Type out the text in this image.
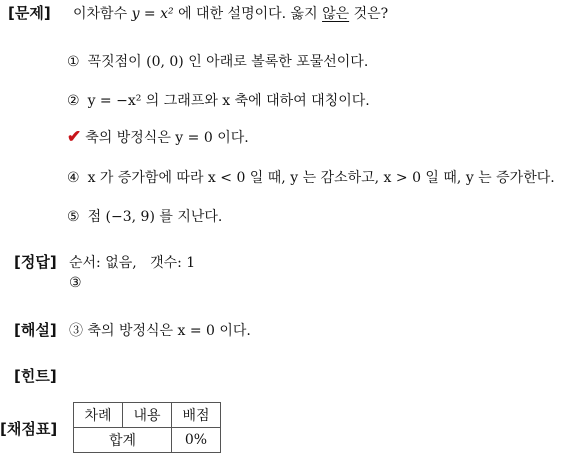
[문제] 이차함수 y = x² 에 대한 설명이다. 옳지 않은 것은?
① 꼭짓점이 (0, 0) 인 아래로 볼록한 포물선이다.
② y = −x² 의 그래프와 x 축에 대하여 대칭이다.
✔ 축의 방정식은 y = 0 이다.
④ x 가 증가함에 따라 x < 0 일 때, y 는 감소하고, x > 0 일 때, y 는 증가한다.
⑤ 점 (−3, 9) 를 지난다.
[정답] 순서: 없음,   갯수: 1
③
[해설] ③ 축의 방정식은 x = 0 이다.
[힌트]
[채점표]
차례	내용	배점
합계		0%
